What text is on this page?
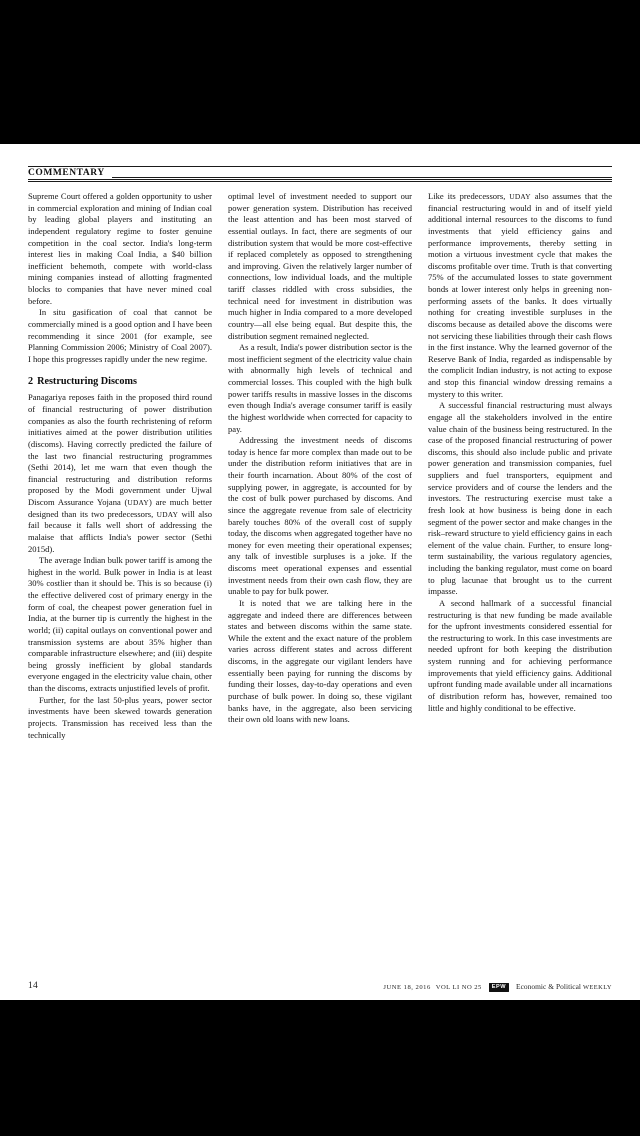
COMMENTARY

Supreme Court offered a golden opportunity to usher in commercial exploration and mining of Indian coal by leading global players and instituting an independent regulatory regime to foster genuine competition in the coal sector. India's long-term interest lies in making Coal India, a $40 billion inefficient behemoth, compete with world-class mining companies instead of allotting fragmented blocks to companies that have never mined coal before.

In situ gasification of coal that cannot be commercially mined is a good option and I have been recommending it since 2001 (for example, see Planning Commission 2006; Ministry of Coal 2007). I hope this progresses rapidly under the new regime.

2 Restructuring Discoms

Panagariya reposes faith in the proposed third round of financial restructuring of power distribution companies as also the fourth rechristening of reform initiatives aimed at the power distribution utilities (discoms). Having correctly predicted the failure of the last two financial restructuring programmes (Sethi 2014), let me warn that even though the financial restructuring and distribution reforms proposed by the Modi government under Ujwal Discom Assurance Yojana (UDAY) are much better designed than its two predecessors, UDAY will also fail because it falls well short of addressing the malaise that afflicts India's power sector (Sethi 2015d).

The average Indian bulk power tariff is among the highest in the world. Bulk power in India is at least 30% costlier than it should be. This is so because (i) the effective delivered cost of primary energy in the form of coal, the cheapest power generation fuel in India, at the burner tip is currently the highest in the world; (ii) capital outlays on conventional power and transmission systems are about 35% higher than comparable infrastructure elsewhere; and (iii) despite being grossly inefficient by global standards everyone engaged in the electricity value chain, other than the discoms, extracts unjustified levels of profit.

Further, for the last 50-plus years, power sector investments have been skewed towards generation projects. Transmission has received less than the technically

optimal level of investment needed to support our power generation system. Distribution has received the least attention and has been most starved of essential outlays. In fact, there are segments of our distribution system that would be more cost-effective if replaced completely as opposed to strengthening and improving. Given the relatively larger number of connections, low individual loads, and the multiple tariff classes riddled with cross subsidies, the technical need for investment in distribution was much higher in India compared to a more developed country—all else being equal. But despite this, the distribution segment remained neglected.

As a result, India's power distribution sector is the most inefficient segment of the electricity value chain with abnormally high levels of technical and commercial losses. This coupled with the high bulk power tariffs results in massive losses in the discoms even though India's average consumer tariff is easily the highest worldwide when corrected for capacity to pay.

Addressing the investment needs of discoms today is hence far more complex than made out to be under the distribution reform initiatives that are in their fourth incarnation. About 80% of the cost of supplying power, in aggregate, is accounted for by the cost of bulk power purchased by discoms. And since the aggregate revenue from sale of electricity barely touches 80% of the overall cost of supply today, the discoms when aggregated together have no money for even meeting their operational expenses; any talk of investible surpluses is a joke. If the discoms meet operational expenses and essential investment needs from their own cash flow, they are unable to pay for bulk power.

It is noted that we are talking here in the aggregate and indeed there are differences between states and between discoms within the same state. While the extent and the exact nature of the problem varies across different states and across different discoms, in the aggregate our vigilant lenders have essentially been paying for running the discoms by funding their losses, day-to-day operations and even purchase of bulk power. In doing so, these vigilant banks have, in the aggregate, also been servicing their own old loans with new loans.

Like its predecessors, UDAY also assumes that the financial restructuring would in and of itself yield additional internal resources to the discoms to fund investments that yield efficiency gains and performance improvements, thereby setting in motion a virtuous investment cycle that makes the discoms profitable over time. Truth is that converting 75% of the accumulated losses to state government bonds at lower interest only helps in greening non-performing assets of the banks. It does virtually nothing for creating investible surpluses in the discoms because as detailed above the discoms were not servicing these liabilities through their cash flows in the first instance. Why the learned governor of the Reserve Bank of India, regarded as indispensable by the complicit Indian industry, is not acting to expose and stop this financial window dressing remains a mystery to this writer.

A successful financial restructuring must always engage all the stakeholders involved in the entire value chain of the business being restructured. In the case of the proposed financial restructuring of power discoms, this should also include public and private power generation and transmission companies, fuel suppliers and fuel transporters, equipment and service providers and of course the lenders and the investors. The restructuring exercise must take a fresh look at how business is being done in each segment of the power sector and make changes in the risk–reward structure to yield efficiency gains in each element of the value chain. Further, to ensure long-term sustainability, the various regulatory agencies, including the banking regulator, must come on board to plug lacunae that brought us to the current impasse.

A second hallmark of a successful financial restructuring is that new funding be made available for the upfront investments considered essential for the restructuring to work. In this case investments are needed upfront for both keeping the distribution system running and for achieving performance improvements that yield efficiency gains. Additional upfront funding made available under all incarnations of distribution reform has, however, remained too little and highly conditional to be effective.

14	JUNE 18, 2016 VOL LI NO 25	EPW	Economic & Political WEEKLY
